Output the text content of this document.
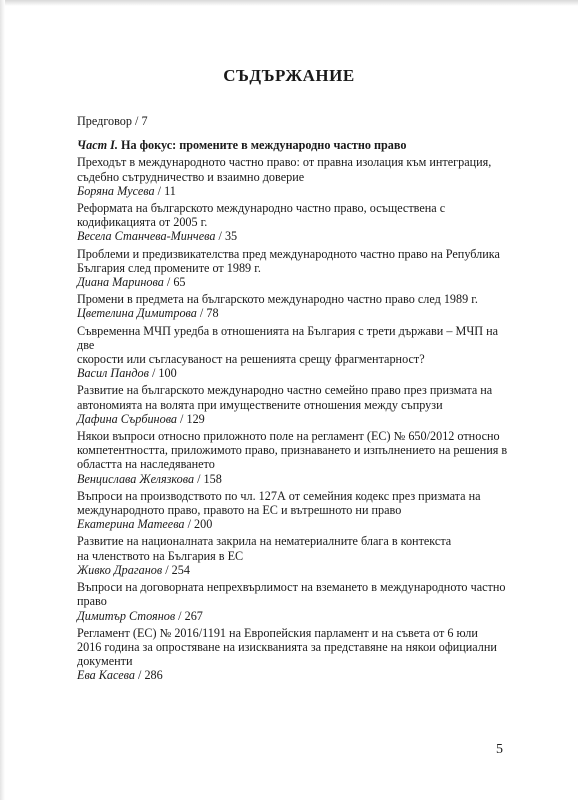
СЪДЪРЖАНИЕ
Предговор / 7
Част I. На фокус: промените в международно частно право
Преходът в международното частно право: от правна изолация към интеграция,
съдебно сътрудничество и взаимно доверие
Боряна Мусева / 11
Реформата на българското международно частно право, осъществена с
кодификацията от 2005 г.
Весела Станчева-Минчева / 35
Проблеми и предизвикателства пред международното частно право на Република
България след промените от 1989 г.
Диана Маринова / 65
Промени в предмета на българското международно частно право след 1989 г.
Цветелина Димитрова / 78
Съвременна МЧП уредба в отношенията на България с трети държави – МЧП на две
скорости или съгласуваност на решенията срещу фрагментарност?
Васил Пандов / 100
Развитие на българското международно частно семейно право през призмата на
автономията на волята при имуществените отношения между съпрузи
Дафина Сърбинова / 129
Някои въпроси относно приложното поле на регламент (ЕС) № 650/2012 относно
компетентността, приложимото право, признаването и изпълнението на решения в
областта на наследяването
Венцислава Желязкова / 158
Въпроси на производството по чл. 127А от семейния кодекс през призмата на
международното право, правото на ЕС и вътрешното ни право
Екатерина Матеева / 200
Развитие на националната закрила на нематериалните блага в контекста
на членството на България в ЕС
Живко Драганов / 254
Въпроси на договорната непрехвърлимост на вземането в международното частно
право
Димитър Стоянов / 267
Регламент (ЕС) № 2016/1191 на Европейския парламент и на съвета от 6 юли
2016 година за опростяване на изискванията за представяне на някои официални
документи
Ева Касева / 286
5
